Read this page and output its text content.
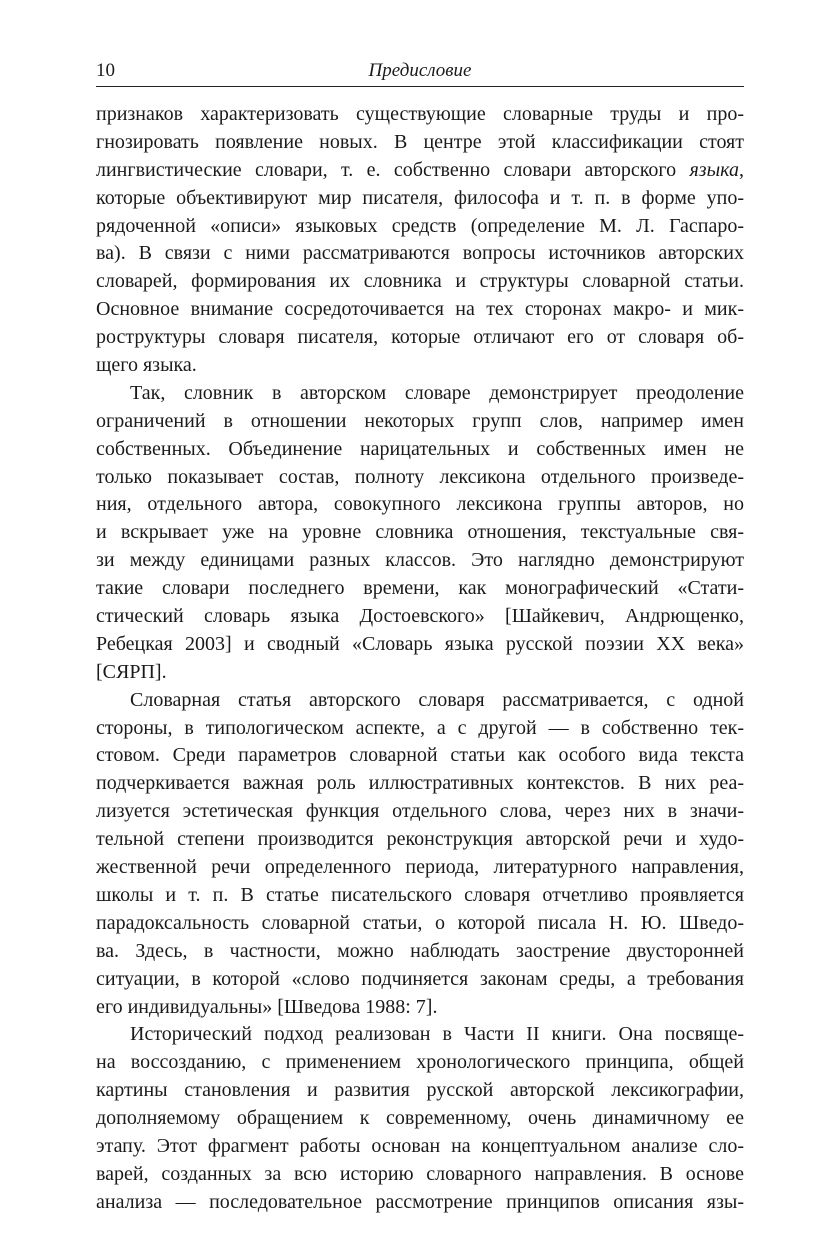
10	Предисловие
признаков характеризовать существующие словарные труды и про-
гнозировать появление новых. В центре этой классификации стоят
лингвистические словари, т. е. собственно словари авторского языка,
которые объективируют мир писателя, философа и т. п. в форме упо-
рядоченной «описи» языковых средств (определение М. Л. Гаспаро-
ва). В связи с ними рассматриваются вопросы источников авторских
словарей, формирования их словника и структуры словарной статьи.
Основное внимание сосредоточивается на тех сторонах макро- и мик-
роструктуры словаря писателя, которые отличают его от словаря об-
щего языка.
Так, словник в авторском словаре демонстрирует преодоление
ограничений в отношении некоторых групп слов, например имен
собственных. Объединение нарицательных и собственных имен не
только показывает состав, полноту лексикона отдельного произведе-
ния, отдельного автора, совокупного лексикона группы авторов, но
и вскрывает уже на уровне словника отношения, текстуальные свя-
зи между единицами разных классов. Это наглядно демонстрируют
такие словари последнего времени, как монографический «Стати-
стический словарь языка Достоевского» [Шайкевич, Андрющенко,
Ребецкая 2003] и сводный «Словарь языка русской поэзии XX века»
[СЯРП].
Словарная статья авторского словаря рассматривается, с одной
стороны, в типологическом аспекте, а с другой — в собственно тек-
стовом. Среди параметров словарной статьи как особого вида текста
подчеркивается важная роль иллюстративных контекстов. В них реа-
лизуется эстетическая функция отдельного слова, через них в значи-
тельной степени производится реконструкция авторской речи и худо-
жественной речи определенного периода, литературного направления,
школы и т. п. В статье писательского словаря отчетливо проявляется
парадоксальность словарной статьи, о которой писала Н. Ю. Шведо-
ва. Здесь, в частности, можно наблюдать заострение двусторонней
ситуации, в которой «слово подчиняется законам среды, а требования
его индивидуальны» [Шведова 1988: 7].
Исторический подход реализован в Части II книги. Она посвяще-
на воссозданию, с применением хронологического принципа, общей
картины становления и развития русской авторской лексикографии,
дополняемому обращением к современному, очень динамичному ее
этапу. Этот фрагмент работы основан на концептуальном анализе сло-
варей, созданных за всю историю словарного направления. В основе
анализа — последовательное рассмотрение принципов описания язы-
